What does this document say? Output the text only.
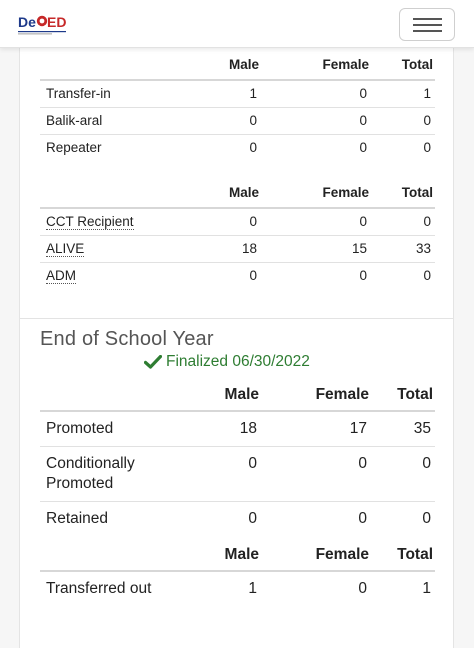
De ED
	Male	Female	Total
Transfer-in	1	0	1
Balik-aral	0	0	0
Repeater	0	0	0
	Male	Female	Total
CCT Recipient	0	0	0
ALIVE	18	15	33
ADM	0	0	0
End of School Year
Finalized 06/30/2022
	Male	Female	Total
Promoted	18	17	35
Conditionally Promoted	0	0	0
Retained	0	0	0
	Male	Female	Total
Transferred out	1	0	1
